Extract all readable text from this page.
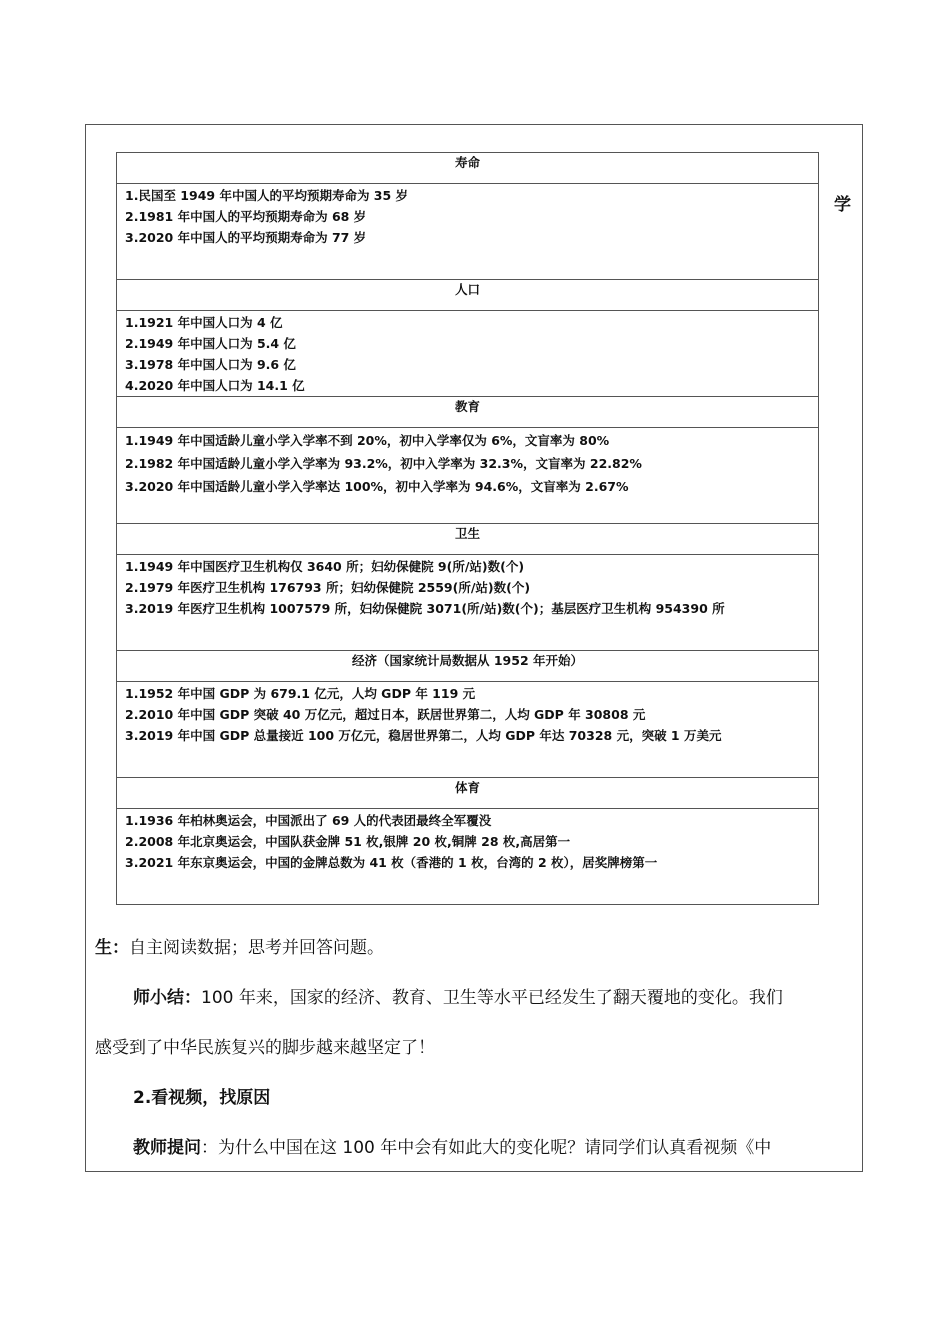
学
寿命
1.民国至 1949 年中国人的平均预期寿命为 35 岁
2.1981 年中国人的平均预期寿命为 68 岁
3.2020 年中国人的平均预期寿命为 77 岁
人口
1.1921 年中国人口为 4 亿
2.1949 年中国人口为 5.4 亿
3.1978 年中国人口为 9.6 亿
4.2020 年中国人口为 14.1 亿
教育
1.1949 年中国适龄儿童小学入学率不到 20%，初中入学率仅为 6%，文盲率为 80%
2.1982 年中国适龄儿童小学入学率为 93.2%，初中入学率为 32.3%，文盲率为 22.82%
3.2020 年中国适龄儿童小学入学率达 100%，初中入学率为 94.6%，文盲率为 2.67%
卫生
1.1949 年中国医疗卫生机构仅 3640 所；妇幼保健院 9(所/站)数(个)
2.1979 年医疗卫生机构 176793 所；妇幼保健院 2559(所/站)数(个)
3.2019 年医疗卫生机构 1007579 所，妇幼保健院 3071(所/站)数(个)；基层医疗卫生机构 954390 所
经济（国家统计局数据从 1952 年开始）
1.1952 年中国 GDP 为 679.1 亿元，人均 GDP 年 119 元
2.2010 年中国 GDP 突破 40 万亿元，超过日本，跃居世界第二，人均 GDP 年 30808 元
3.2019 年中国 GDP 总量接近 100 万亿元，稳居世界第二，人均 GDP 年达 70328 元，突破 1 万美元
体育
1.1936 年柏林奥运会，中国派出了 69 人的代表团最终全军覆没
2.2008 年北京奥运会，中国队获金牌 51 枚,银牌 20 枚,铜牌 28 枚,高居第一
3.2021 年东京奥运会，中国的金牌总数为 41 枚（香港的 1 枚，台湾的 2 枚），居奖牌榜第一
生：自主阅读数据；思考并回答问题。
师小结：100 年来，国家的经济、教育、卫生等水平已经发生了翻天覆地的变化。我们
感受到了中华民族复兴的脚步越来越坚定了！
2.看视频，找原因
教师提问：为什么中国在这 100 年中会有如此大的变化呢？请同学们认真看视频《中
